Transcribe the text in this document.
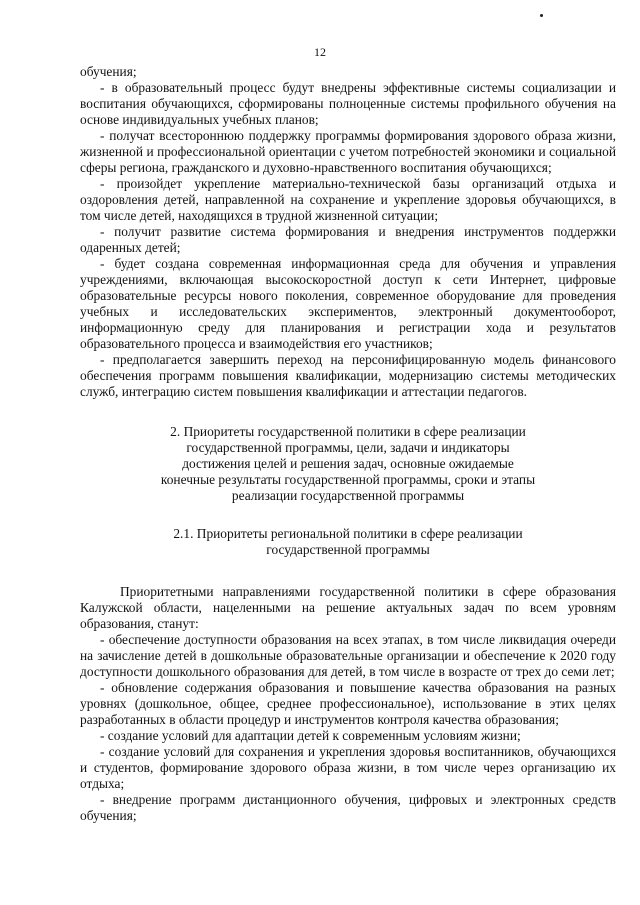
12

обучения;

- в образовательный процесс будут внедрены эффективные системы социализации и воспитания обучающихся, сформированы полноценные системы профильного обучения на основе индивидуальных учебных планов;

- получат всестороннюю поддержку программы формирования здорового образа жизни, жизненной и профессиональной ориентации с учетом потребностей экономики и социальной сферы региона, гражданского и духовно-нравственного воспитания обучающихся;

- произойдет укрепление материально-технической базы организаций отдыха и оздоровления детей, направленной на сохранение и укрепление здоровья обучающихся, в том числе детей, находящихся в трудной жизненной ситуации;

- получит развитие система формирования и внедрения инструментов поддержки одаренных детей;

- будет создана современная информационная среда для обучения и управления учреждениями, включающая высокоскоростной доступ к сети Интернет, цифровые образовательные ресурсы нового поколения, современное оборудование для проведения учебных и исследовательских экспериментов, электронный документооборот, информационную среду для планирования и регистрации хода и результатов образовательного процесса и взаимодействия его участников;

- предполагается завершить переход на персонифицированную модель финансового обеспечения программ повышения квалификации, модернизацию системы методических служб, интеграцию систем повышения квалификации и аттестации педагогов.

2. Приоритеты государственной политики в сфере реализации

государственной программы, цели, задачи и индикаторы

достижения целей и решения задач, основные ожидаемые

конечные результаты государственной программы, сроки и этапы

реализации государственной программы

2.1. Приоритеты региональной политики в сфере реализации

государственной программы

Приоритетными направлениями государственной политики в сфере образования Калужской области, нацеленными на решение актуальных задач по всем уровням образования, станут:

- обеспечение доступности образования на всех этапах, в том числе ликвидация очереди на зачисление детей в дошкольные образовательные организации и обеспечение к 2020 году доступности дошкольного образования для детей, в том числе в возрасте от трех до семи лет;

- обновление содержания образования и повышение качества образования на разных уровнях (дошкольное, общее, среднее профессиональное), использование в этих целях разработанных в области процедур и инструментов контроля качества образования;

- создание условий для адаптации детей к современным условиям жизни;

- создание условий для сохранения и укрепления здоровья воспитанников, обучающихся и студентов, формирование здорового образа жизни, в том числе через организацию их отдыха;

- внедрение программ дистанционного обучения, цифровых и электронных средств обучения;
